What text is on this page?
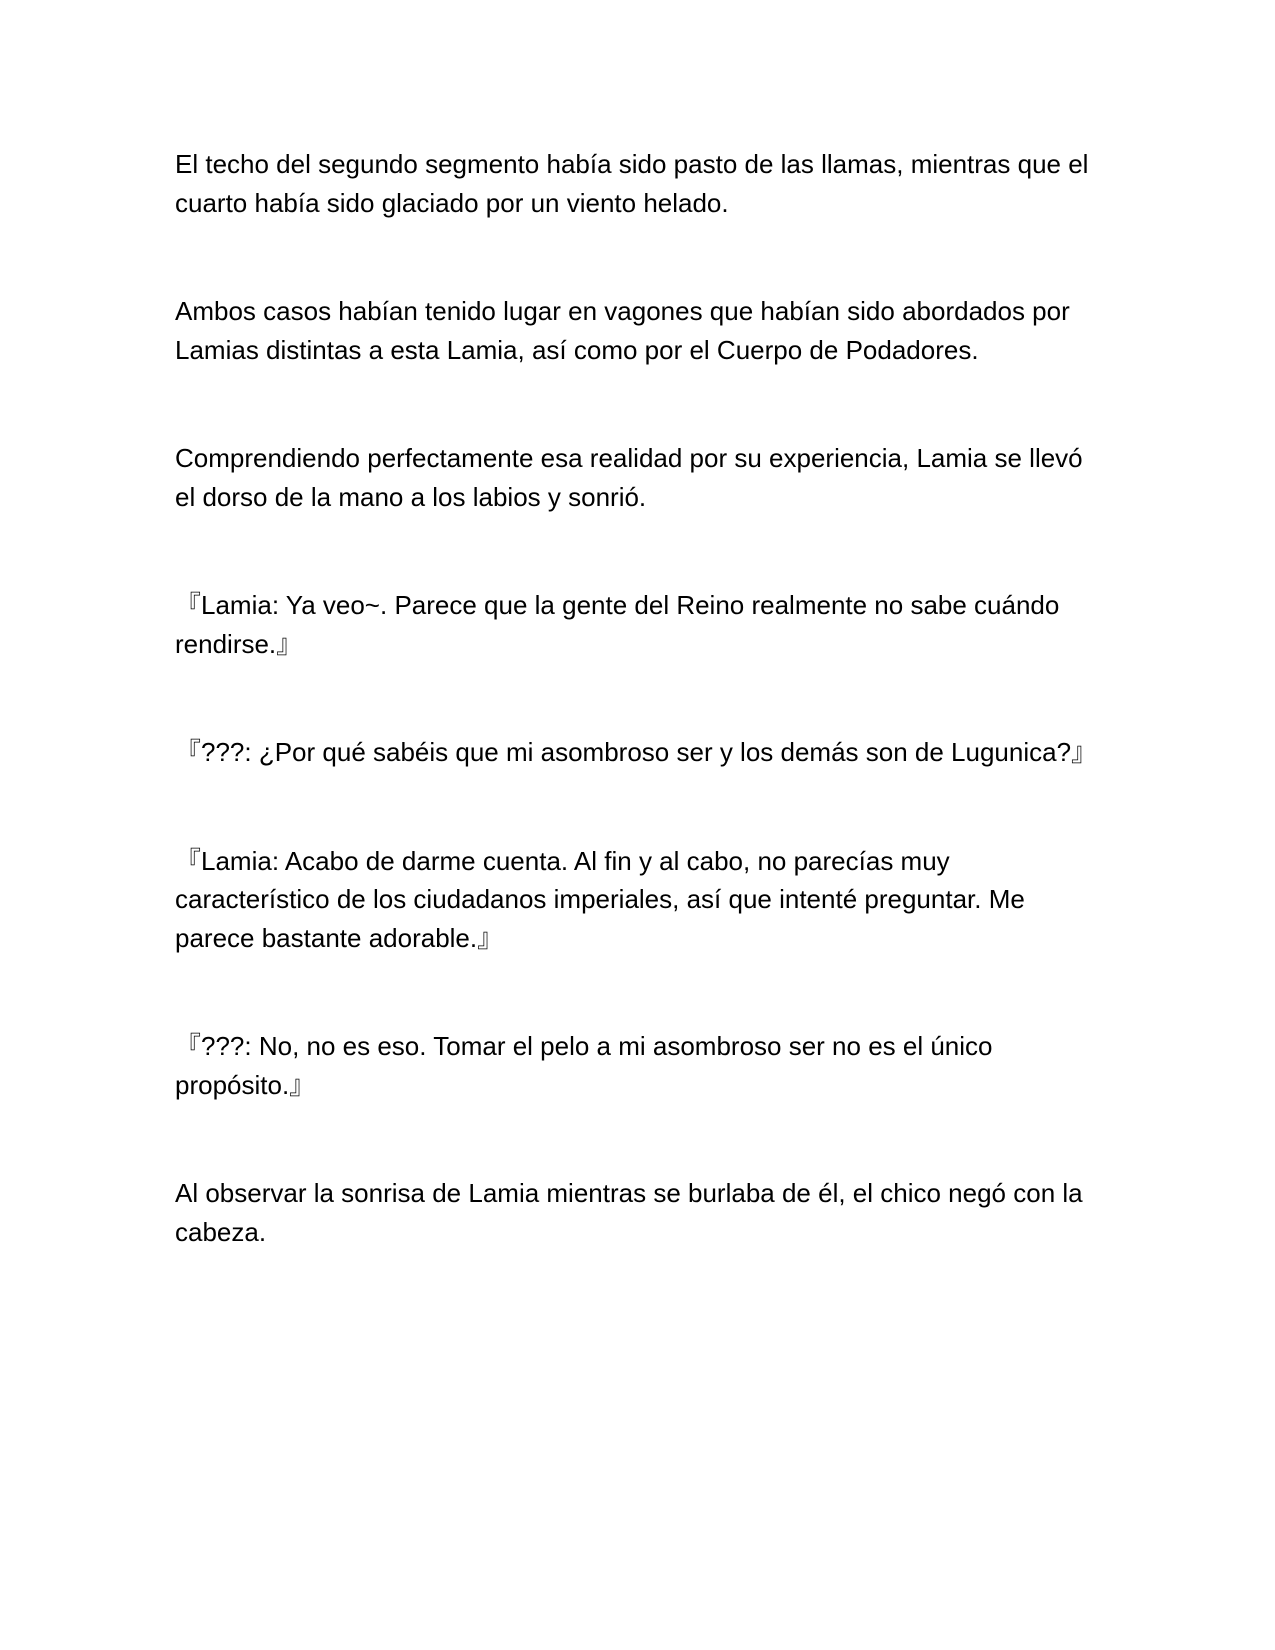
El techo del segundo segmento había sido pasto de las llamas, mientras que el cuarto había sido glaciado por un viento helado.

Ambos casos habían tenido lugar en vagones que habían sido abordados por Lamias distintas a esta Lamia, así como por el Cuerpo de Podadores.

Comprendiendo perfectamente esa realidad por su experiencia, Lamia se llevó el dorso de la mano a los labios y sonrió.

『Lamia: Ya veo~. Parece que la gente del Reino realmente no sabe cuándo rendirse.』

『???: ¿Por qué sabéis que mi asombroso ser y los demás son de Lugunica?』

『Lamia: Acabo de darme cuenta. Al fin y al cabo, no parecías muy característico de los ciudadanos imperiales, así que intenté preguntar. Me parece bastante adorable.』

『???: No, no es eso. Tomar el pelo a mi asombroso ser no es el único propósito.』

Al observar la sonrisa de Lamia mientras se burlaba de él, el chico negó con la cabeza.
